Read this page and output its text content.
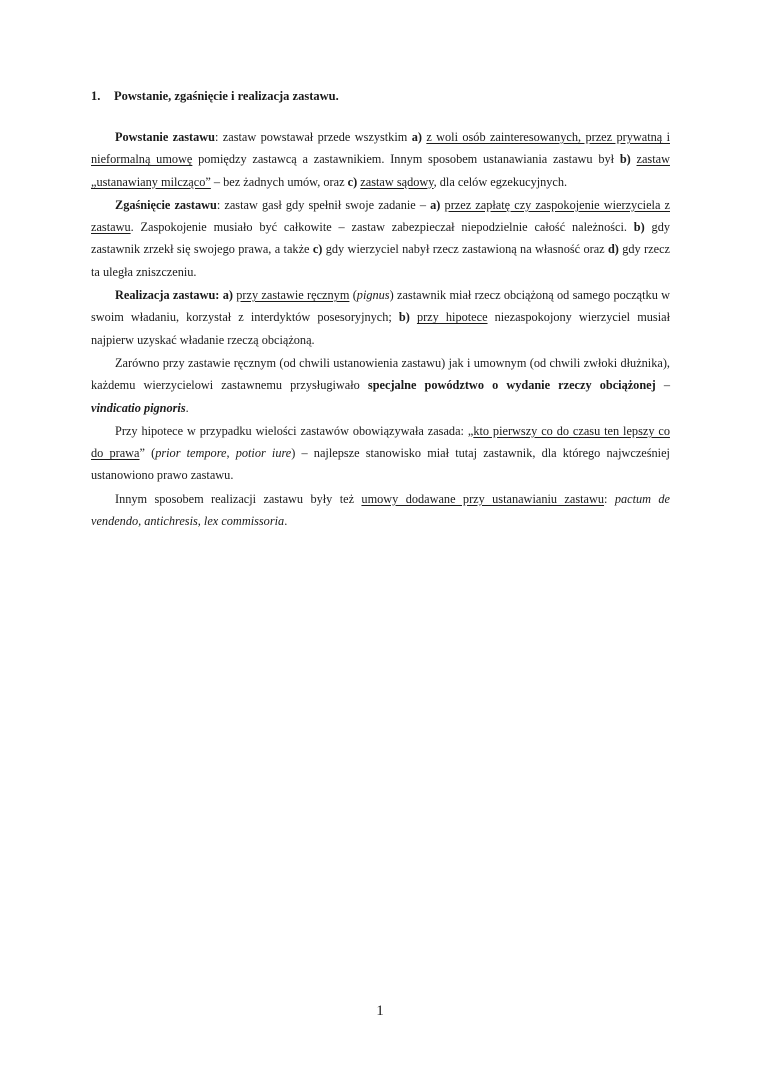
1. Powstanie, zgaśnięcie i realizacja zastawu.

Powstanie zastawu: zastaw powstawał przede wszystkim a) z woli osób zainteresowanych, przez prywatną i nieformalną umowę pomiędzy zastawcą a zastawnikiem. Innym sposobem ustanawiania zastawu był b) zastaw „ustanawiany milcząco” – bez żadnych umów, oraz c) zastaw sądowy, dla celów egzekucyjnych.

Zgaśnięcie zastawu: zastaw gasł gdy spełnił swoje zadanie – a) przez zapłatę czy zaspokojenie wierzyciela z zastawu. Zaspokojenie musiało być całkowite – zastaw zabezpieczał niepodzielnie całość należności. b) gdy zastawnik zrzekł się swojego prawa, a także c) gdy wierzyciel nabył rzecz zastawioną na własność oraz d) gdy rzecz ta uległa zniszczeniu.

Realizacja zastawu: a) przy zastawie ręcznym (pignus) zastawnik miał rzecz obciążoną od samego początku w swoim władaniu, korzystał z interdyktów posesoryjnych; b) przy hipotece niezaspokojony wierzyciel musiał najpierw uzyskać władanie rzeczą obciążoną.

Zarówno przy zastawie ręcznym (od chwili ustanowienia zastawu) jak i umownym (od chwili zwłoki dłużnika), każdemu wierzycielowi zastawnemu przysługiwało specjalne powództwo o wydanie rzeczy obciążonej – vindicatio pignoris.

Przy hipotece w przypadku wielości zastawów obowiązywała zasada: „kto pierwszy co do czasu ten lepszy co do prawa” (prior tempore, potior iure) – najlepsze stanowisko miał tutaj zastawnik, dla którego najwcześniej ustanowiono prawo zastawu.

Innym sposobem realizacji zastawu były też umowy dodawane przy ustanawianiu zastawu: pactum de vendendo, antichresis, lex commissoria.

1
